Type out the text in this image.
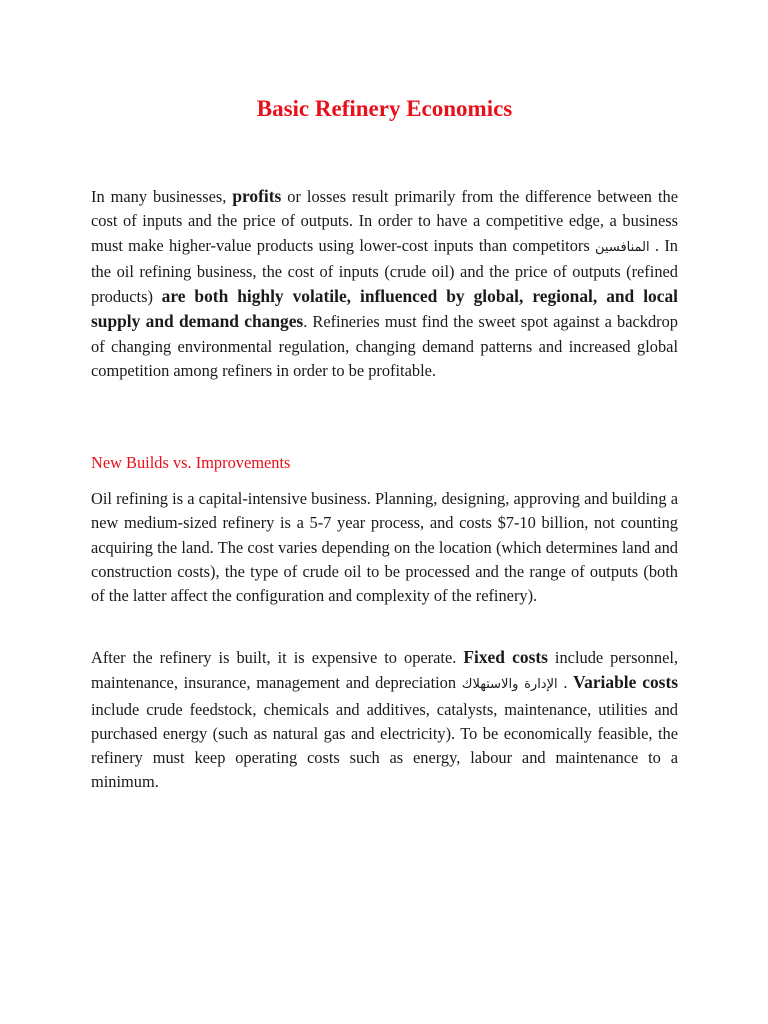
Basic Refinery Economics

In many businesses, profits or losses result primarily from the difference between the cost of inputs and the price of outputs. In order to have a competitive edge, a business must make higher-value products using lower-cost inputs than competitors المنافسين . In the oil refining business, the cost of inputs (crude oil) and the price of outputs (refined products) are both highly volatile, influenced by global, regional, and local supply and demand changes. Refineries must find the sweet spot against a backdrop of changing environmental regulation, changing demand patterns and increased global competition among refiners in order to be profitable.

New Builds vs. Improvements

Oil refining is a capital-intensive business. Planning, designing, approving and building a new medium-sized refinery is a 5-7 year process, and costs $7-10 billion, not counting acquiring the land. The cost varies depending on the location (which determines land and construction costs), the type of crude oil to be processed and the range of outputs (both of the latter affect the configuration and complexity of the refinery).

After the refinery is built, it is expensive to operate. Fixed costs include personnel, maintenance, insurance, management and depreciation الإدارة والاستهلاك . Variable costs include crude feedstock, chemicals and additives, catalysts, maintenance, utilities and purchased energy (such as natural gas and electricity). To be economically feasible, the refinery must keep operating costs such as energy, labour and maintenance to a minimum.
